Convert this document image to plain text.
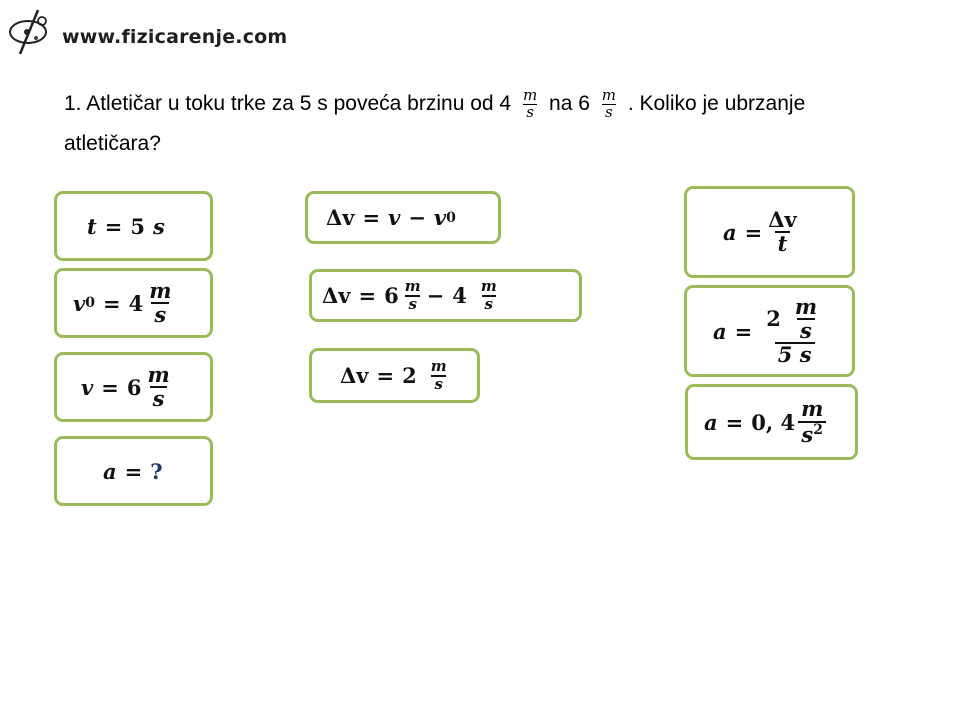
www.fizicarenje.com
1. Atletičar u toku trke za 5 s poveća brzinu od $4 \frac{m}{s}$ na $6 \frac{m}{s}$ . Koliko je ubrzanje atletičara?
t = 5 s
v $0 = 4 \frac{m}{s}$
$v = 6 \frac{m}{s}$
a = ?
Δv = v − v 0
$\Delta v = 6 \frac{m}{s} - 4 \frac{m}{s}$
$\Delta v = 2 \frac{m}{s}$
$a = \frac{\Delta v}{t}$
$a = \frac{2 \frac{m}{s}}{5 s}$
a = 0, $4 \frac{m}{s^2}$
